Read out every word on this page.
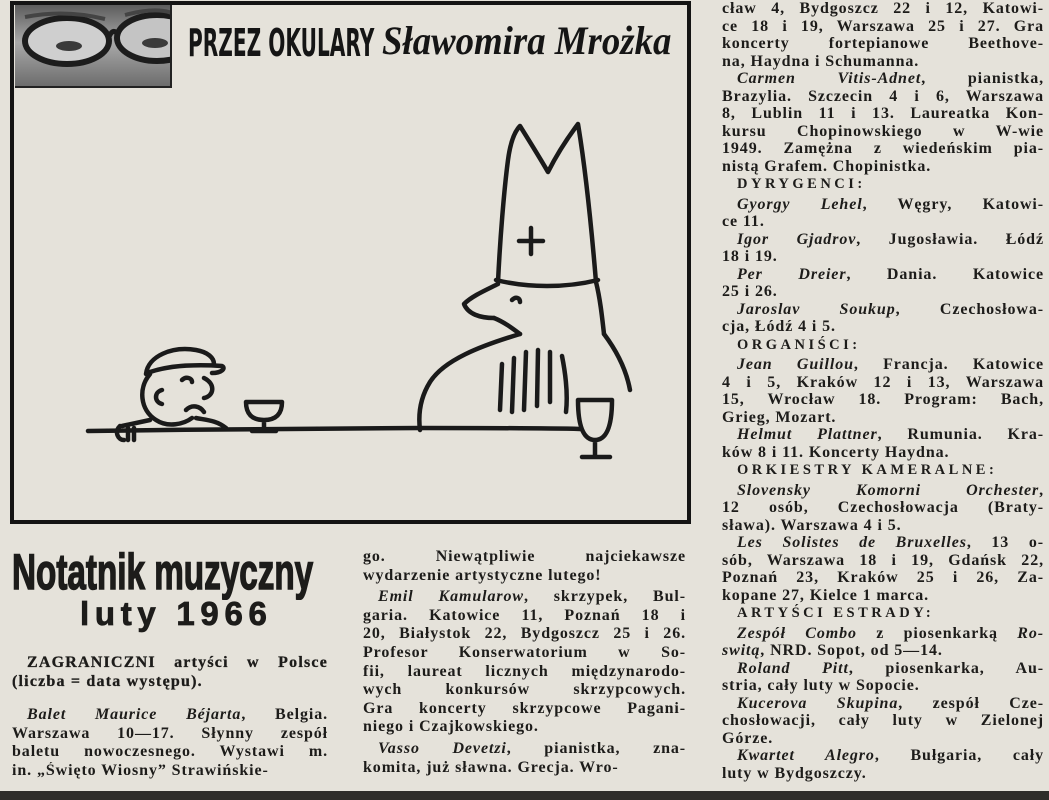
PRZEZ OKULARY Sławomira Mrożka
Notatnik muzyczny
luty 1966
ZAGRANICZNI artyści w Polsce
(liczba = data występu).
Balet Maurice Béjarta, Belgia.
Warszawa 10—17. Słynny zespół
baletu nowoczesnego. Wystawi m.
in. „Święto Wiosny” Strawińskie-
go. Niewątpliwie najciekawsze
wydarzenie artystyczne lutego!
Emil Kamularow, skrzypek, Bul-
garia. Katowice 11, Poznań 18 i
20, Białystok 22, Bydgoszcz 25 i 26.
Profesor Konserwatorium w So-
fii, laureat licznych międzynarodo-
wych konkursów skrzypcowych.
Gra koncerty skrzypcowe Pagani-
niego i Czajkowskiego.
Vasso Devetzi, pianistka, zna-
komita, już sławna. Grecja. Wro-
cław 4, Bydgoszcz 22 i 12, Katowi-
ce 18 i 19, Warszawa 25 i 27. Gra
koncerty fortepianowe Beethove-
na, Haydna i Schumanna.
Carmen Vitis-Adnet, pianistka,
Brazylia. Szczecin 4 i 6, Warszawa
8, Lublin 11 i 13. Laureatka Kon-
kursu Chopinowskiego w W-wie
1949. Zamężna z wiedeńskim pia-
nistą Grafem. Chopinistka.
DYRYGENCI:
Gyorgy Lehel, Węgry, Katowi-
ce 11.
Igor Gjadrov, Jugosławia. Łódź
18 i 19.
Per Dreier, Dania. Katowice
25 i 26.
Jaroslav Soukup, Czechosłowa-
cja, Łódź 4 i 5.
ORGANIŚCI:
Jean Guillou, Francja. Katowice
4 i 5, Kraków 12 i 13, Warszawa
15, Wrocław 18. Program: Bach,
Grieg, Mozart.
Helmut Plattner, Rumunia. Kra-
ków 8 i 11. Koncerty Haydna.
ORKIESTRY KAMERALNE:
Slovensky Komorni Orchester,
12 osób, Czechosłowacja (Braty-
sława). Warszawa 4 i 5.
Les Solistes de Bruxelles, 13 o-
sób, Warszawa 18 i 19, Gdańsk 22,
Poznań 23, Kraków 25 i 26, Za-
kopane 27, Kielce 1 marca.
ARTYŚCI ESTRADY:
Zespół Combo z piosenkarką Ro-
switą, NRD. Sopot, od 5—14.
Roland Pitt, piosenkarka, Au-
stria, cały luty w Sopocie.
Kucerova Skupina, zespół Cze-
chosłowacji, cały luty w Zielonej
Górze.
Kwartet Alegro, Bułgaria, cały
luty w Bydgoszczy.
